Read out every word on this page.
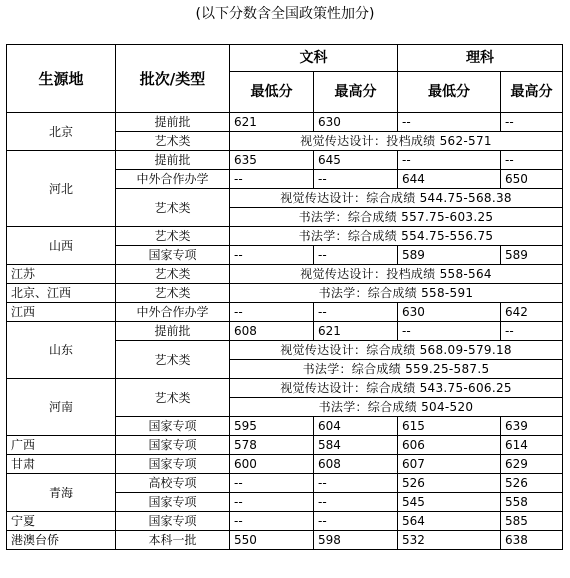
(以下分数含全国政策性加分)
生源地	批次/类型	文科		理科	
		最低分	最高分	最低分	最高分
北京	提前批	621	630	--	--
	艺术类	视觉传达设计：投档成绩 562-571			
河北	提前批	635	645	--	--
	中外合作办学	--	--	644	650
	艺术类	视觉传达设计：综合成绩 544.75-568.38			
		书法学：综合成绩 557.75-603.25			
山西	艺术类	书法学：综合成绩 554.75-556.75			
	国家专项	--	--	589	589
江苏	艺术类	视觉传达设计：投档成绩 558-564			
北京、江西	艺术类	书法学：综合成绩 558-591			
江西	中外合作办学	--	--	630	642
山东	提前批	608	621	--	--
	艺术类	视觉传达设计：综合成绩 568.09-579.18			
		书法学：综合成绩 559.25-587.5			
河南	艺术类	视觉传达设计：综合成绩 543.75-606.25			
		书法学：综合成绩 504-520			
	国家专项	595	604	615	639
广西	国家专项	578	584	606	614
甘肃	国家专项	600	608	607	629
青海	高校专项	--	--	526	526
	国家专项	--	--	545	558
宁夏	国家专项	--	--	564	585
港澳台侨	本科一批	550	598	532	638
